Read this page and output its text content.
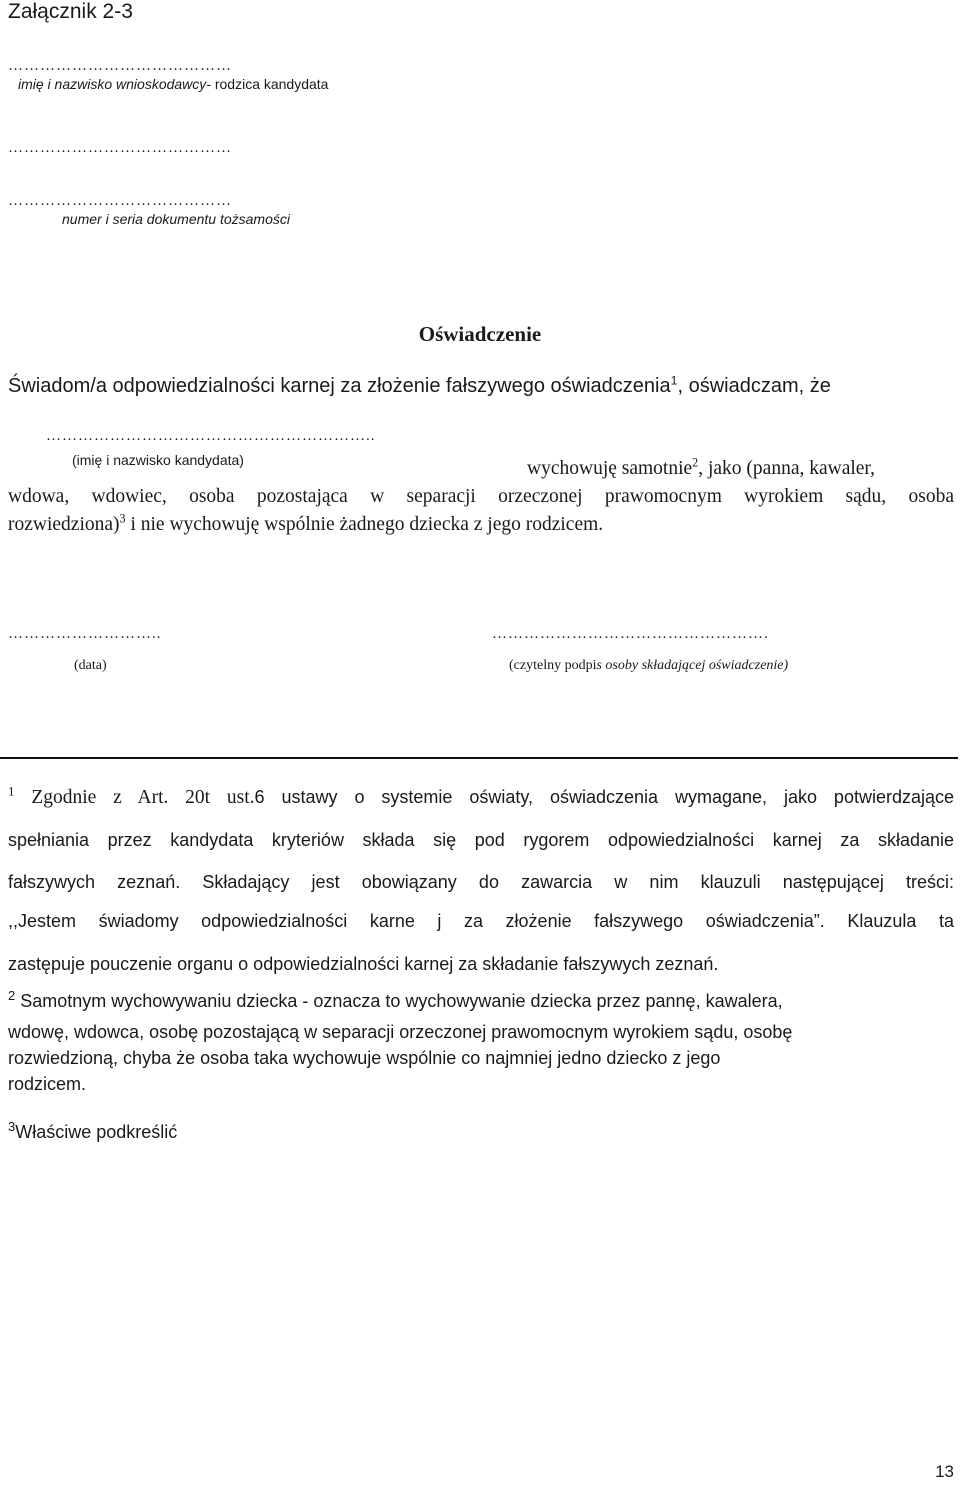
Załącznik 2-3
……………………………………
imię i nazwisko wnioskodawcy- rodzica kandydata
……………………………………
……………………………………
numer i seria dokumentu tożsamości
Oświadczenie
Świadom/a odpowiedzialności karnej za złożenie fałszywego oświadczenia$^1$, oświadczam, że
……………………………………………………..
(imię i nazwisko kandydata)	wychowuję samotnie$^2$, jako (panna, kawaler,
wdowa, wdowiec, osoba pozostająca w separacji orzeczonej prawomocnym wyrokiem sądu, osoba
rozwiedziona)$^3$ i nie wychowuję wspólnie żadnego dziecka z jego rodzicem.
………………………..
(data)
…………………………………………….
(czytelny podpis osoby składającej oświadczenie)
$^1$ Zgodnie z Art. 20t ust.6 ustawy o systemie oświaty, oświadczenia wymagane, jako potwierdzające
spełniania przez kandydata kryteriów składa się pod rygorem odpowiedzialności karnej za składanie
fałszywych zeznań. Składający jest obowiązany do zawarcia w nim klauzuli następującej treści:
,,Jestem świadomy odpowiedzialności karne j za złożenie fałszywego oświadczenia”. Klauzula ta
zastępuje pouczenie organu o odpowiedzialności karnej za składanie fałszywych zeznań.
$^2$ Samotnym wychowywaniu dziecka - oznacza to wychowywanie dziecka przez pannę, kawalera,
wdowę, wdowca, osobę pozostającą w separacji orzeczonej prawomocnym wyrokiem sądu, osobę
rozwiedzioną, chyba że osoba taka wychowuje wspólnie co najmniej jedno dziecko z jego
rodzicem.
$^3$Właściwe podkreślić
13
